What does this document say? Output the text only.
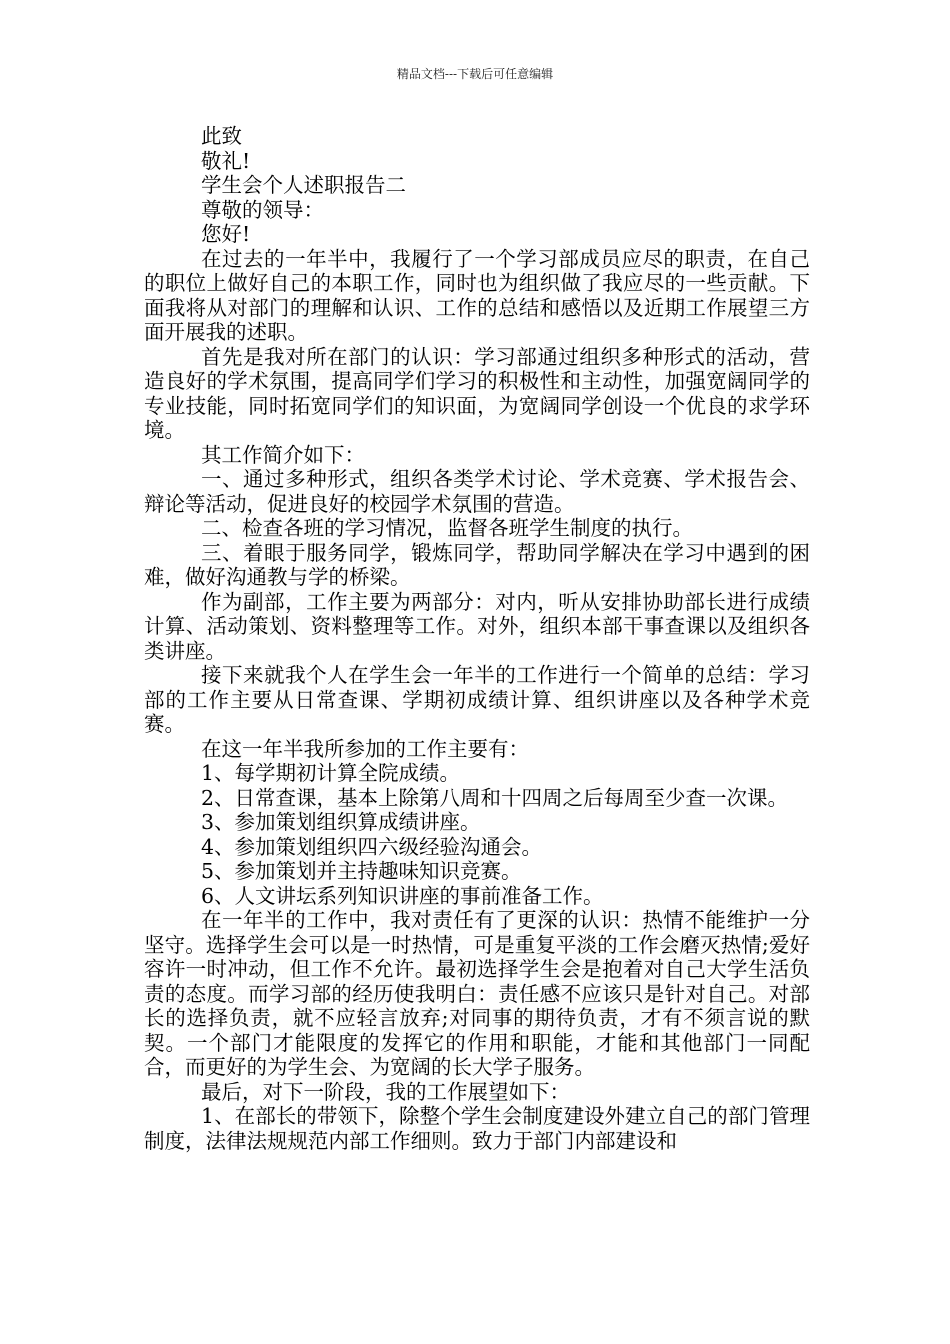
精品文档---下载后可任意编辑
此致
敬礼!
学生会个人述职报告二
尊敬的领导：
您好!
在过去的一年半中，我履行了一个学习部成员应尽的职责，在自己的职位上做好自己的本职工作，同时也为组织做了我应尽的一些贡献。下面我将从对部门的理解和认识、工作的总结和感悟以及近期工作展望三方面开展我的述职。
首先是我对所在部门的认识：学习部通过组织多种形式的活动，营造良好的学术氛围，提高同学们学习的积极性和主动性，加强宽阔同学的专业技能，同时拓宽同学们的知识面，为宽阔同学创设一个优良的求学环境。
其工作简介如下：
一、通过多种形式，组织各类学术讨论、学术竞赛、学术报告会、辩论等活动，促进良好的校园学术氛围的营造。
二、检查各班的学习情况，监督各班学生制度的执行。
三、着眼于服务同学，锻炼同学，帮助同学解决在学习中遇到的困难，做好沟通教与学的桥梁。
作为副部，工作主要为两部分：对内，听从安排协助部长进行成绩计算、活动策划、资料整理等工作。对外，组织本部干事查课以及组织各类讲座。
接下来就我个人在学生会一年半的工作进行一个简单的总结：学习部的工作主要从日常查课、学期初成绩计算、组织讲座以及各种学术竞赛。
在这一年半我所参加的工作主要有：
1、每学期初计算全院成绩。
2、日常查课，基本上除第八周和十四周之后每周至少查一次课。
3、参加策划组织算成绩讲座。
4、参加策划组织四六级经验沟通会。
5、参加策划并主持趣味知识竞赛。
6、人文讲坛系列知识讲座的事前准备工作。
在一年半的工作中，我对责任有了更深的认识：热情不能维护一分坚守。选择学生会可以是一时热情，可是重复平淡的工作会磨灭热情;爱好容许一时冲动，但工作不允许。最初选择学生会是抱着对自己大学生活负责的态度。而学习部的经历使我明白：责任感不应该只是针对自己。对部长的选择负责，就不应轻言放弃;对同事的期待负责，才有不须言说的默契。一个部门才能限度的发挥它的作用和职能，才能和其他部门一同配合，而更好的为学生会、为宽阔的长大学子服务。
最后，对下一阶段，我的工作展望如下：
1、在部长的带领下，除整个学生会制度建设外建立自己的部门管理制度，法律法规规范内部工作细则。致力于部门内部建设和
